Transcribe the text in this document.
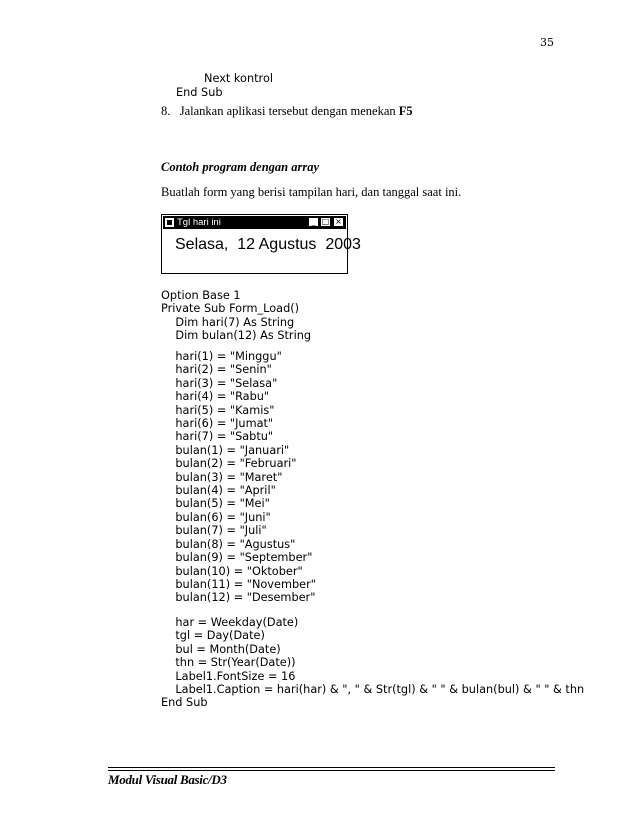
35
Next kontrol
End Sub
8. Jalankan aplikasi tersebut dengan menekan F5
Contoh program dengan array
Buatlah form yang berisi tampilan hari, dan tanggal saat ini.
Tgl hari ini	_ □ ×
Selasa,  12 Agustus  2003
Option Base 1
Private Sub Form_Load()
Dim hari(7) As String
Dim bulan(12) As String
hari(1) = "Minggu"
hari(2) = "Senin"
hari(3) = "Selasa"
hari(4) = "Rabu"
hari(5) = "Kamis"
hari(6) = "Jumat"
hari(7) = "Sabtu"
bulan(1) = "Januari"
bulan(2) = "Februari"
bulan(3) = "Maret"
bulan(4) = "April"
bulan(5) = "Mei"
bulan(6) = "Juni"
bulan(7) = "Juli"
bulan(8) = "Agustus"
bulan(9) = "September"
bulan(10) = "Oktober"
bulan(11) = "November"
bulan(12) = "Desember"
har = Weekday(Date)
tgl = Day(Date)
bul = Month(Date)
thn = Str(Year(Date))
Label1.FontSize = 16
Label1.Caption = hari(har) & ", " & Str(tgl) & " " & bulan(bul) & " " & thn
End Sub
Modul Visual Basic/D3
